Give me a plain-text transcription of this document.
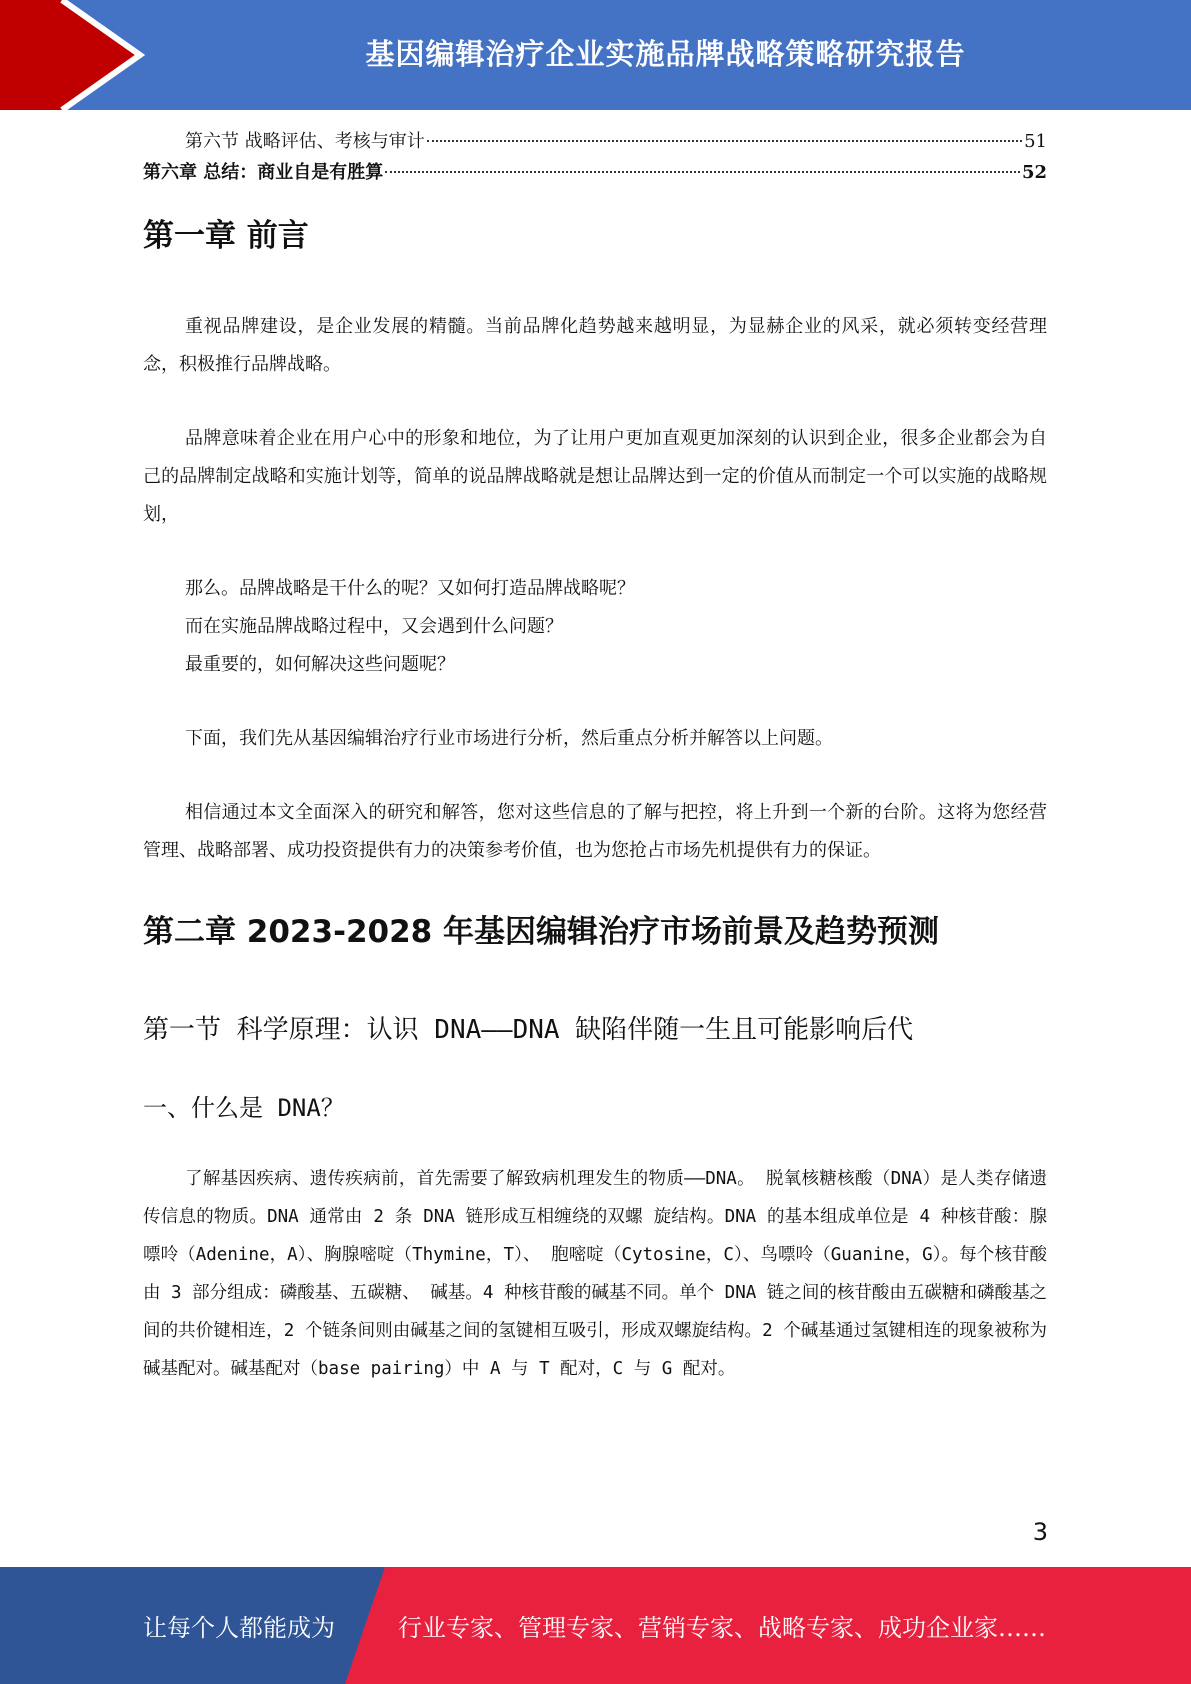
基因编辑治疗企业实施品牌战略策略研究报告
第六节 战略评估、考核与审计	51
第六章 总结：商业自是有胜算	52
第一章 前言

重视品牌建设，是企业发展的精髓。当前品牌化趋势越来越明显，为显赫企业的风采，就必须转变经营理念，积极推行品牌战略。

品牌意味着企业在用户心中的形象和地位，为了让用户更加直观更加深刻的认识到企业，很多企业都会为自己的品牌制定战略和实施计划等，简单的说品牌战略就是想让品牌达到一定的价值从而制定一个可以实施的战略规划，

那么。品牌战略是干什么的呢？又如何打造品牌战略呢？

而在实施品牌战略过程中，又会遇到什么问题？

最重要的，如何解决这些问题呢？

下面，我们先从基因编辑治疗行业市场进行分析，然后重点分析并解答以上问题。

相信通过本文全面深入的研究和解答，您对这些信息的了解与把控，将上升到一个新的台阶。这将为您经营管理、战略部署、成功投资提供有力的决策参考价值，也为您抢占市场先机提供有力的保证。

第二章 2023-2028 年基因编辑治疗市场前景及趋势预测
第一节 科学原理：认识 DNA——DNA 缺陷伴随一生且可能影响后代
一、什么是 DNA？

了解基因疾病、遗传疾病前，首先需要了解致病机理发生的物质——DNA。 脱氧核糖核酸（DNA）是人类存储遗传信息的物质。DNA 通常由 2 条 DNA 链形成互相缠绕的双螺 旋结构。DNA 的基本组成单位是 4 种核苷酸：腺嘌呤（Adenine，A）、胸腺嘧啶（Thymine，T）、 胞嘧啶（Cytosine，C）、鸟嘌呤（Guanine，G）。每个核苷酸由 3 部分组成：磷酸基、五碳糖、 碱基。4 种核苷酸的碱基不同。单个 DNA 链之间的核苷酸由五碳糖和磷酸基之间的共价键相连，2 个链条间则由碱基之间的氢键相互吸引，形成双螺旋结构。2 个碱基通过氢键相连的现象被称为碱基配对。碱基配对（base pairing）中 A 与 T 配对，C 与 G 配对。

3
让每个人都能成为	行业专家、管理专家、营销专家、战略专家、成功企业家……
